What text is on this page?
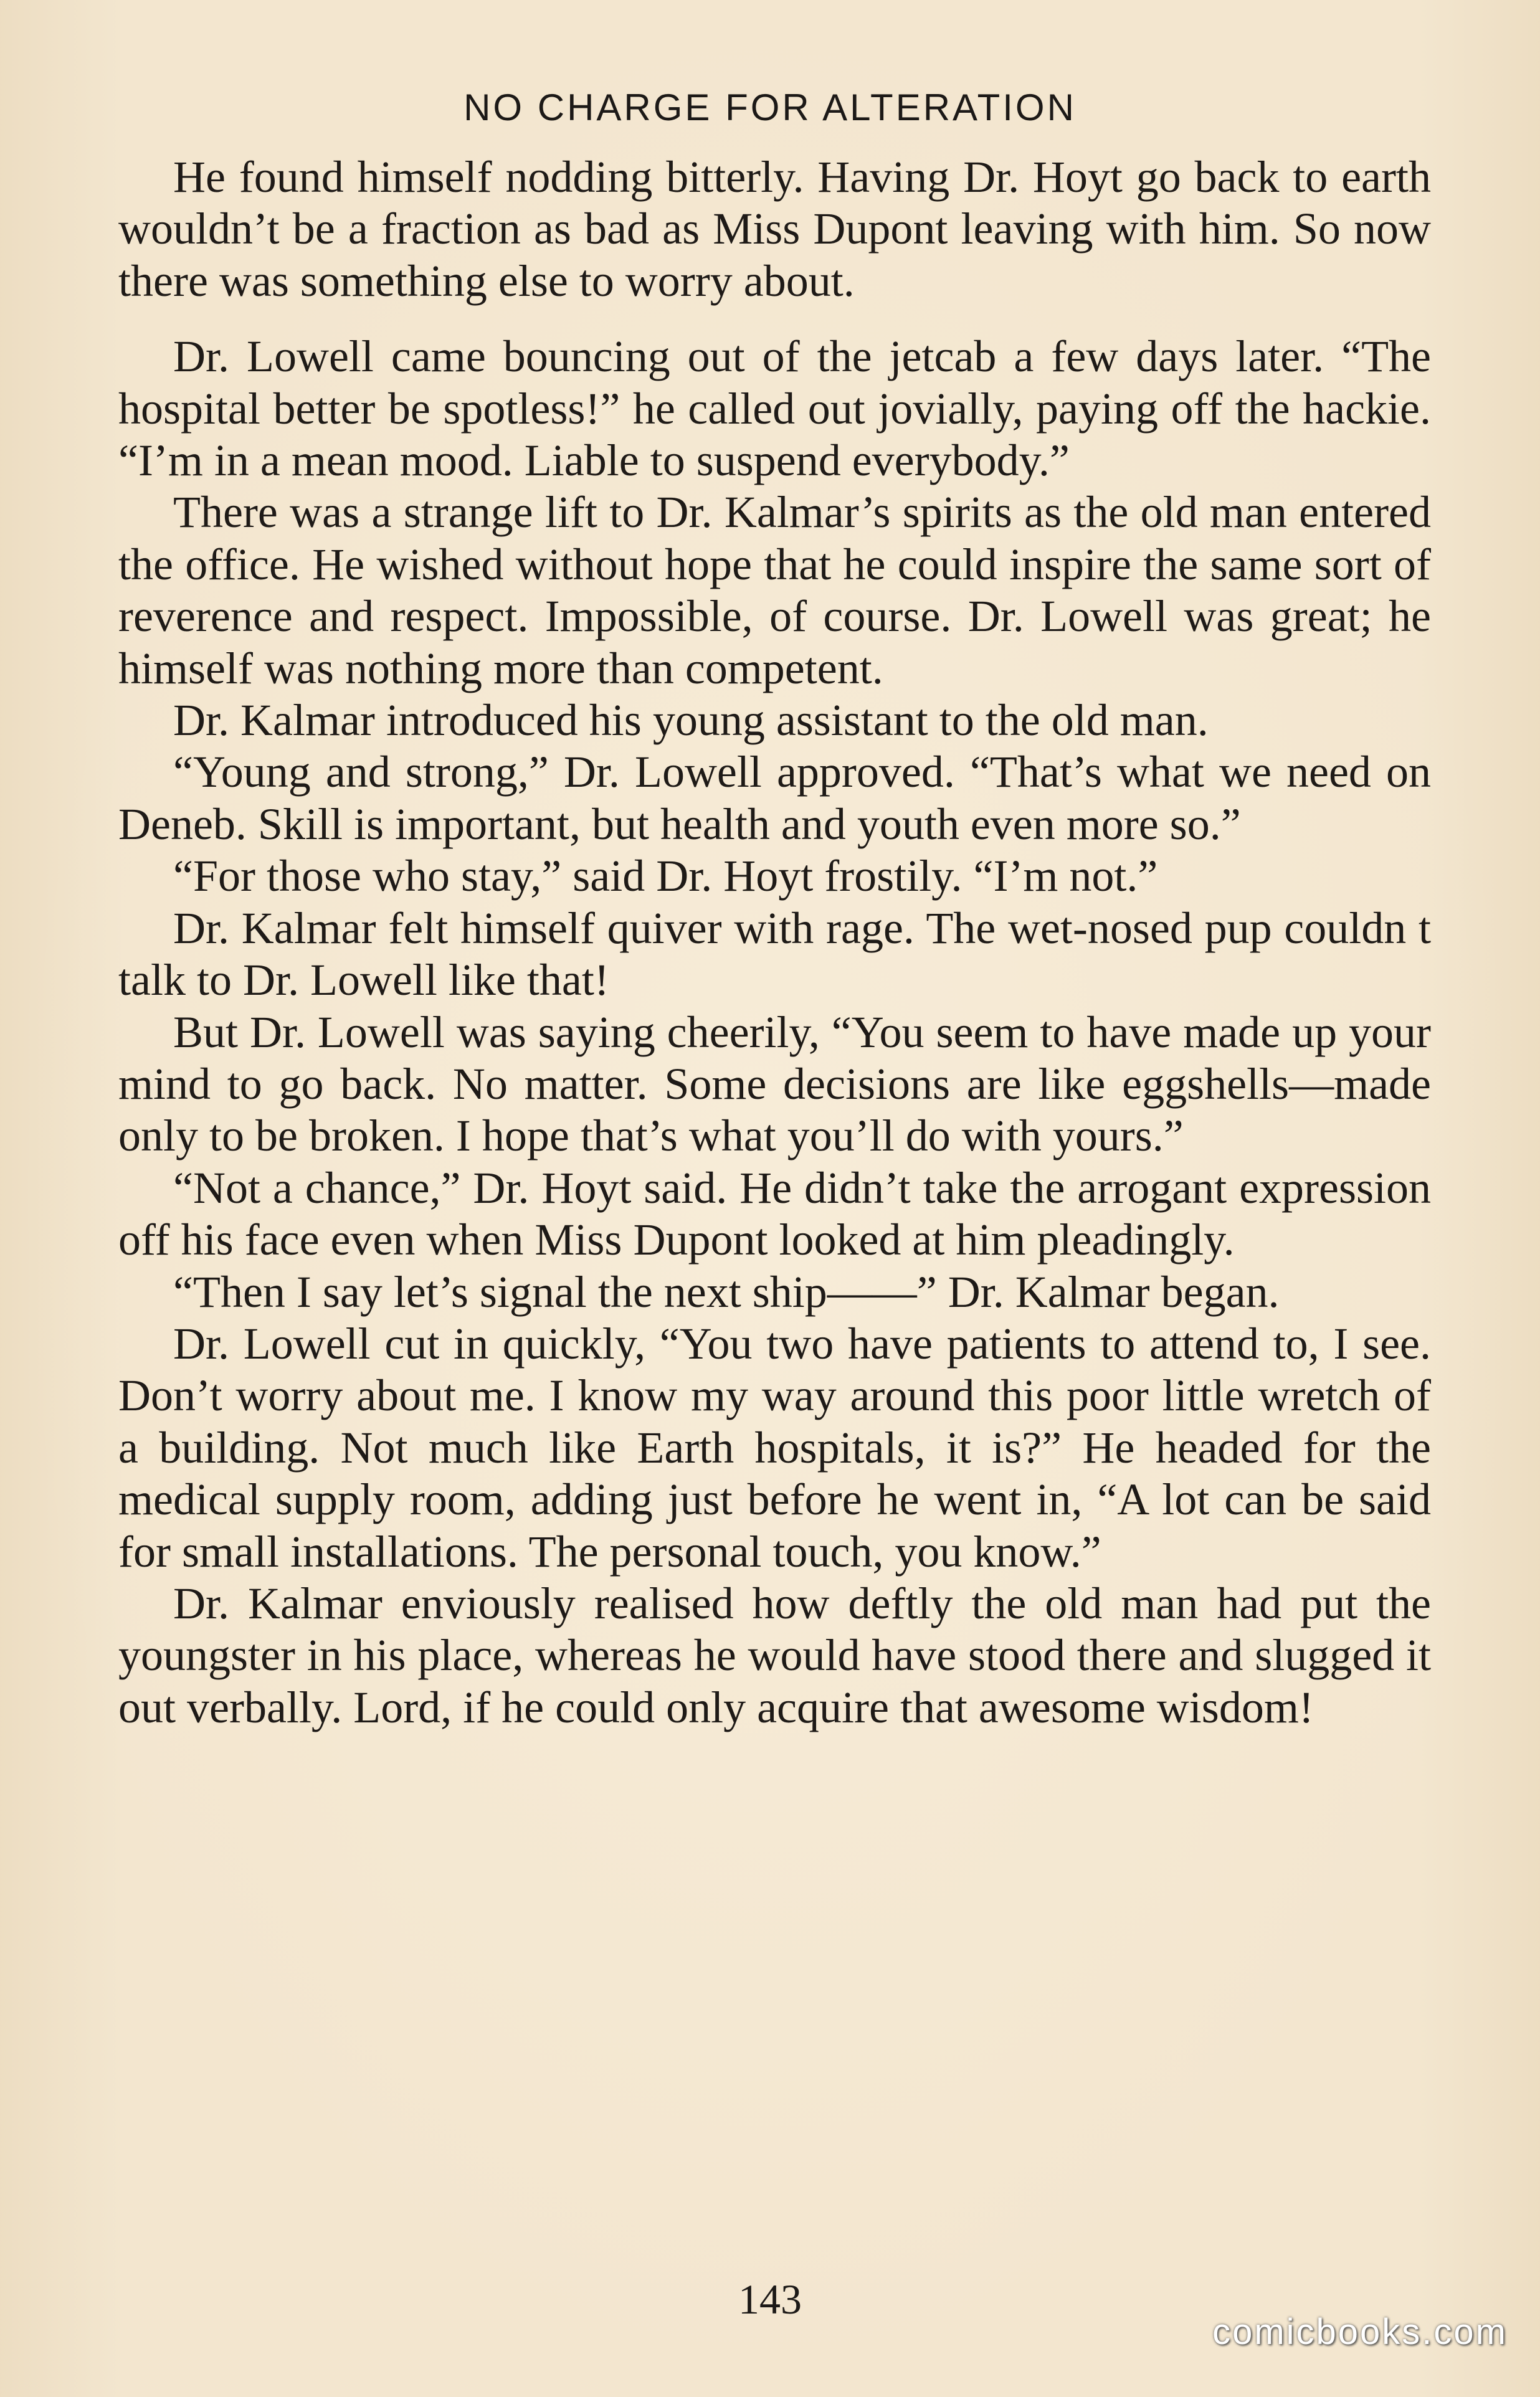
NO CHARGE FOR ALTERATION

He found himself nodding bitterly. Having Dr. Hoyt go back to earth wouldn’t be a fraction as bad as Miss Dupont leaving with him. So now there was something else to worry about.

Dr. Lowell came bouncing out of the jetcab a few days later. “The hospital better be spotless!” he called out jovially, paying off the hackie. “I’m in a mean mood. Liable to suspend everybody.”

There was a strange lift to Dr. Kalmar’s spirits as the old man entered the office. He wished without hope that he could inspire the same sort of reverence and respect. Impossible, of course. Dr. Lowell was great; he himself was nothing more than competent.

Dr. Kalmar introduced his young assistant to the old man.

“Young and strong,” Dr. Lowell approved. “That’s what we need on Deneb. Skill is important, but health and youth even more so.”

“For those who stay,” said Dr. Hoyt frostily. “I’m not.”

Dr. Kalmar felt himself quiver with rage. The wet-nosed pup couldn t talk to Dr. Lowell like that!

But Dr. Lowell was saying cheerily, “You seem to have made up your mind to go back. No matter. Some decisions are like eggshells—made only to be broken. I hope that’s what you’ll do with yours.”

“Not a chance,” Dr. Hoyt said. He didn’t take the arrogant expression off his face even when Miss Dupont looked at him pleadingly.

“Then I say let’s signal the next ship——” Dr. Kalmar began.

Dr. Lowell cut in quickly, “You two have patients to attend to, I see. Don’t worry about me. I know my way around this poor little wretch of a building. Not much like Earth hospitals, it is?” He headed for the medical supply room, adding just before he went in, “A lot can be said for small installations. The personal touch, you know.”

Dr. Kalmar enviously realised how deftly the old man had put the youngster in his place, whereas he would have stood there and slugged it out verbally. Lord, if he could only acquire that awesome wisdom!

143
comicbooks.com
